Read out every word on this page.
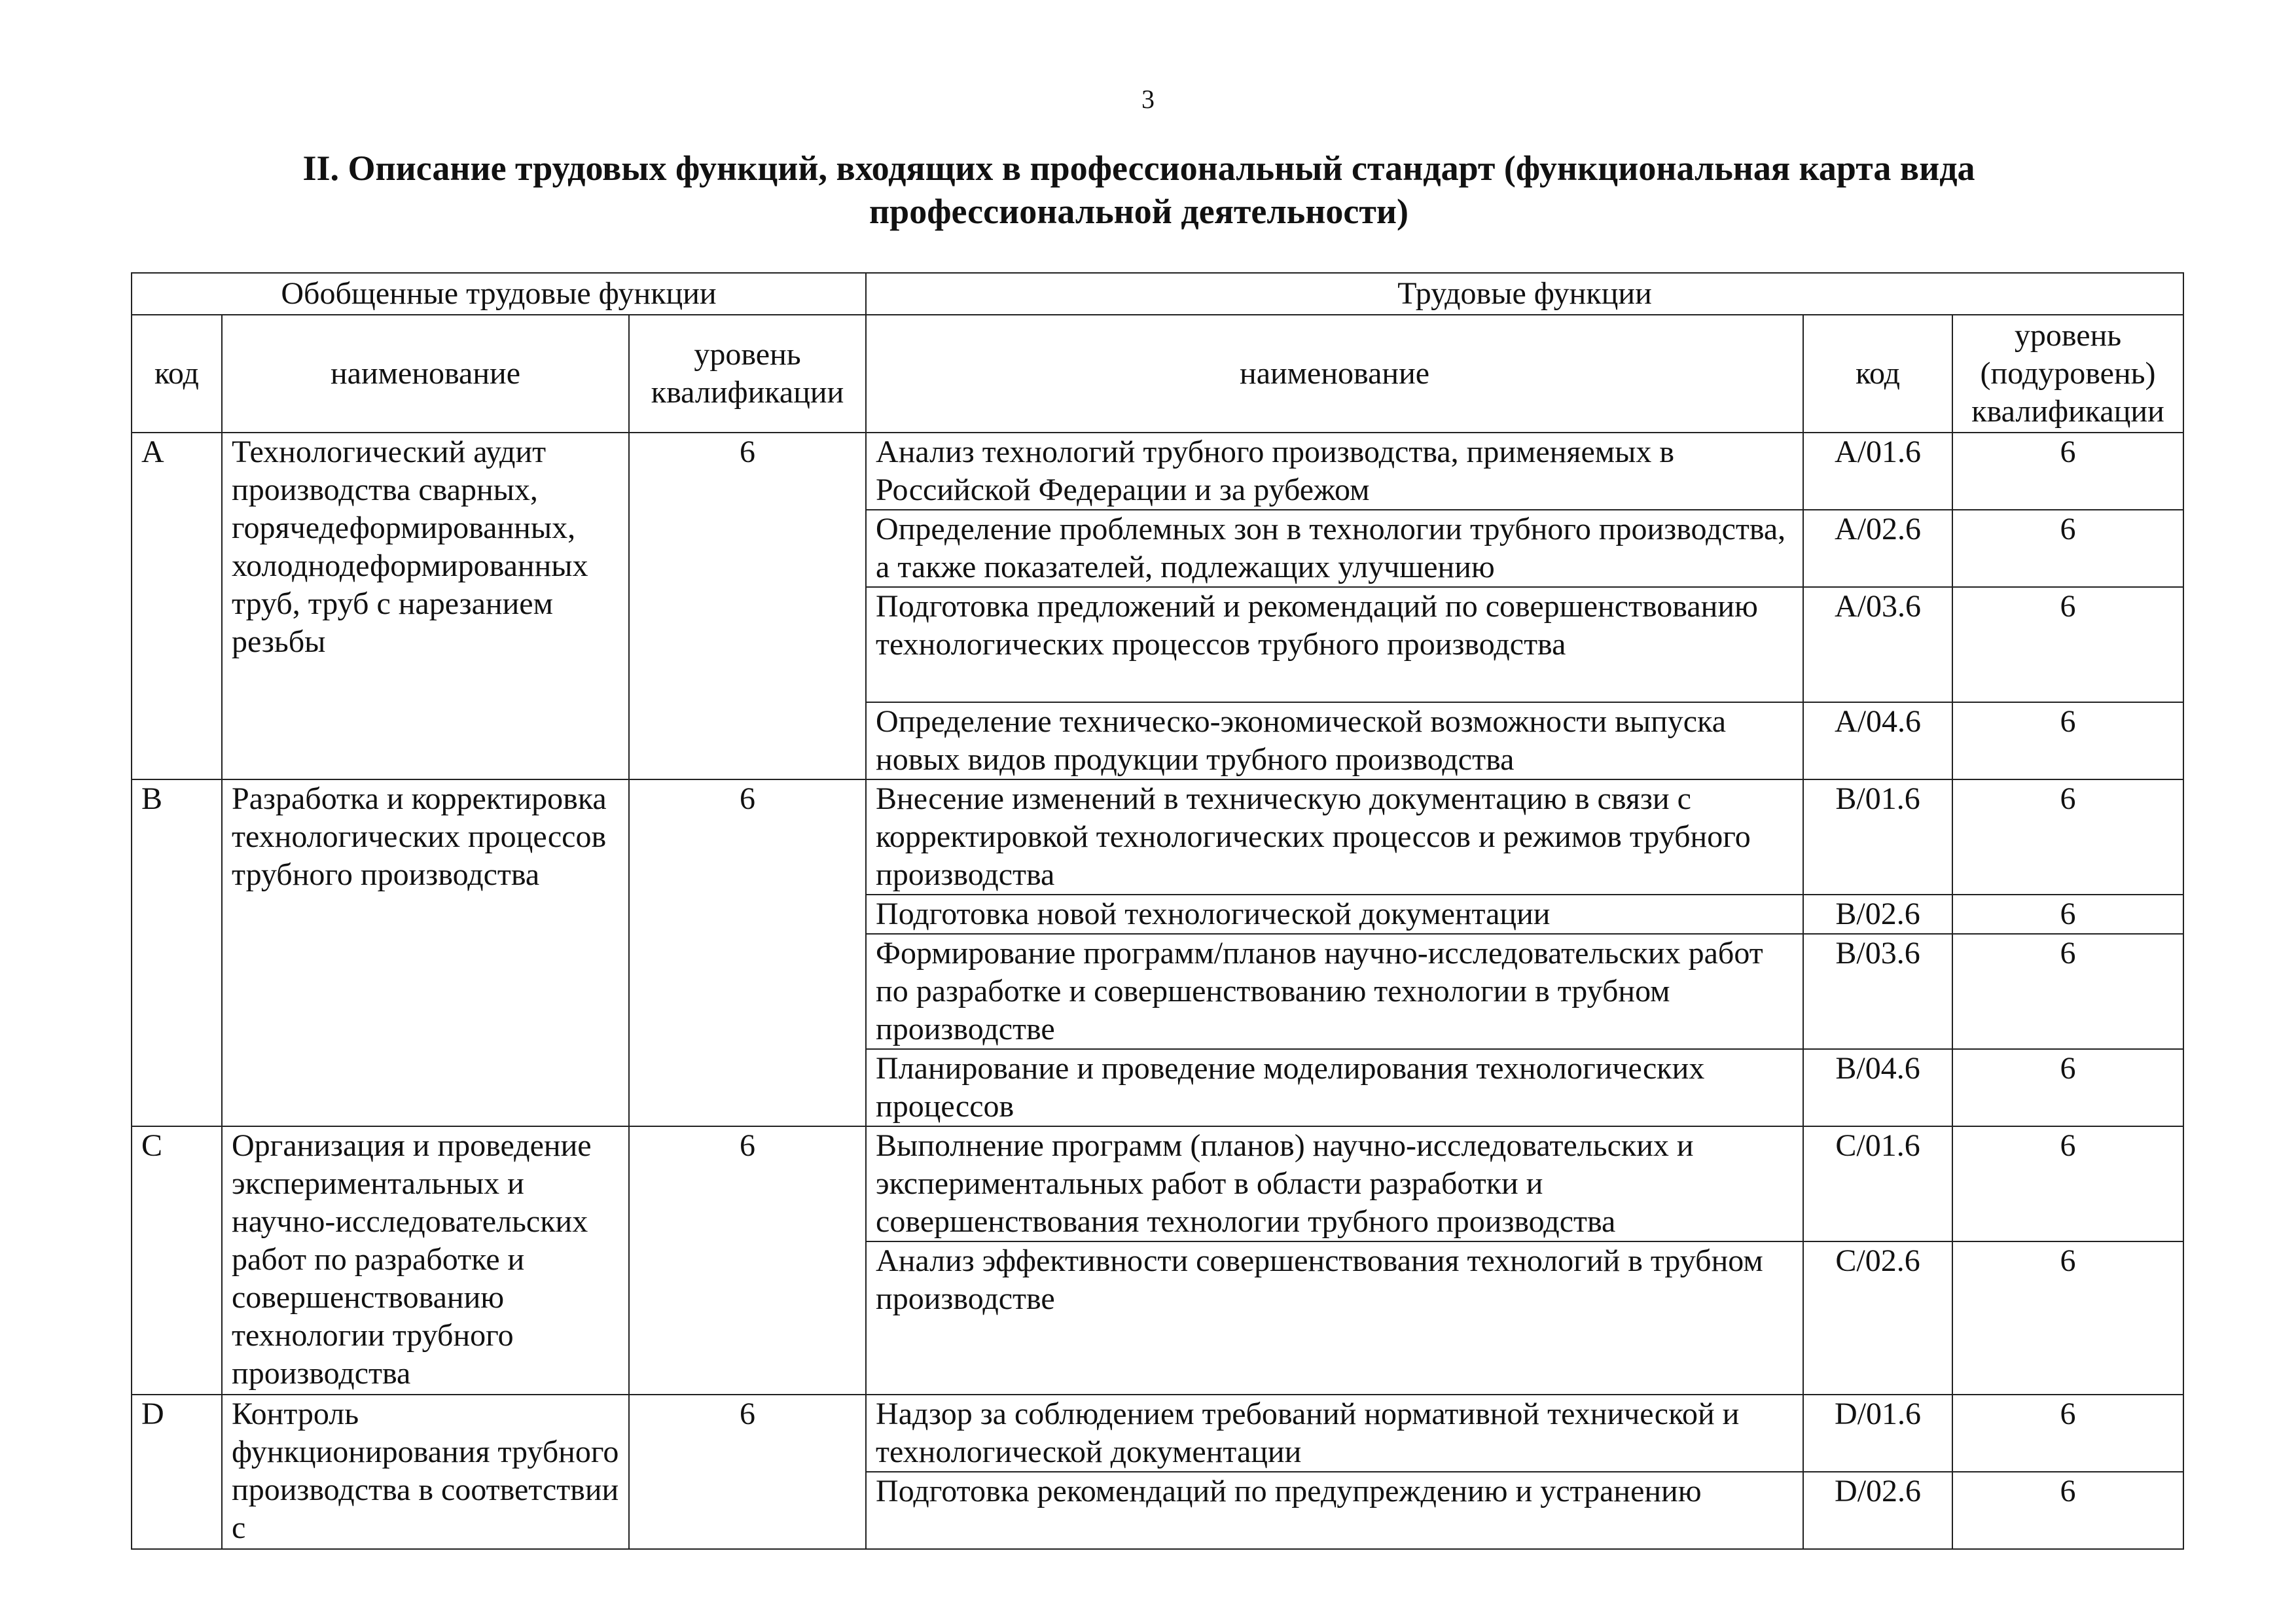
3
II. Описание трудовых функций, входящих в профессиональный стандарт (функциональная карта вида профессиональной деятельности)
Обобщенные трудовые функции			Трудовые функции		
код	наименование	уровень квалификации	наименование	код	уровень (подуровень) квалификации
A	Технологический аудит производства сварных, горячедеформированных, холоднодеформированных труб, труб с нарезанием резьбы	6	Анализ технологий трубного производства, применяемых в Российской Федерации и за рубежом	A/01.6	6
			Определение проблемных зон в технологии трубного производства, а также показателей, подлежащих улучшению	A/02.6	6
			Подготовка предложений и рекомендаций по совершенствованию технологических процессов трубного производства	A/03.6	6
			Определение техническо-экономической возможности выпуска новых видов продукции трубного производства	A/04.6	6
B	Разработка и корректировка технологических процессов трубного производства	6	Внесение изменений в техническую документацию в связи с корректировкой технологических процессов и режимов трубного производства	B/01.6	6
			Подготовка новой технологической документации	B/02.6	6
			Формирование программ/планов научно-исследовательских работ по разработке и совершенствованию технологии в трубном производстве	B/03.6	6
			Планирование и проведение моделирования технологических процессов	B/04.6	6
C	Организация и проведение экспериментальных и научно-исследовательских работ по разработке и совершенствованию технологии трубного производства	6	Выполнение программ (планов) научно-исследовательских и экспериментальных работ в области разработки и совершенствования технологии трубного производства	C/01.6	6
			Анализ эффективности совершенствования технологий в трубном производстве	C/02.6	6
D	Контроль функционирования трубного производства в соответствии с	6	Надзор за соблюдением требований нормативной технической и технологической документации	D/01.6	6
			Подготовка рекомендаций по предупреждению и устранению	D/02.6	6
